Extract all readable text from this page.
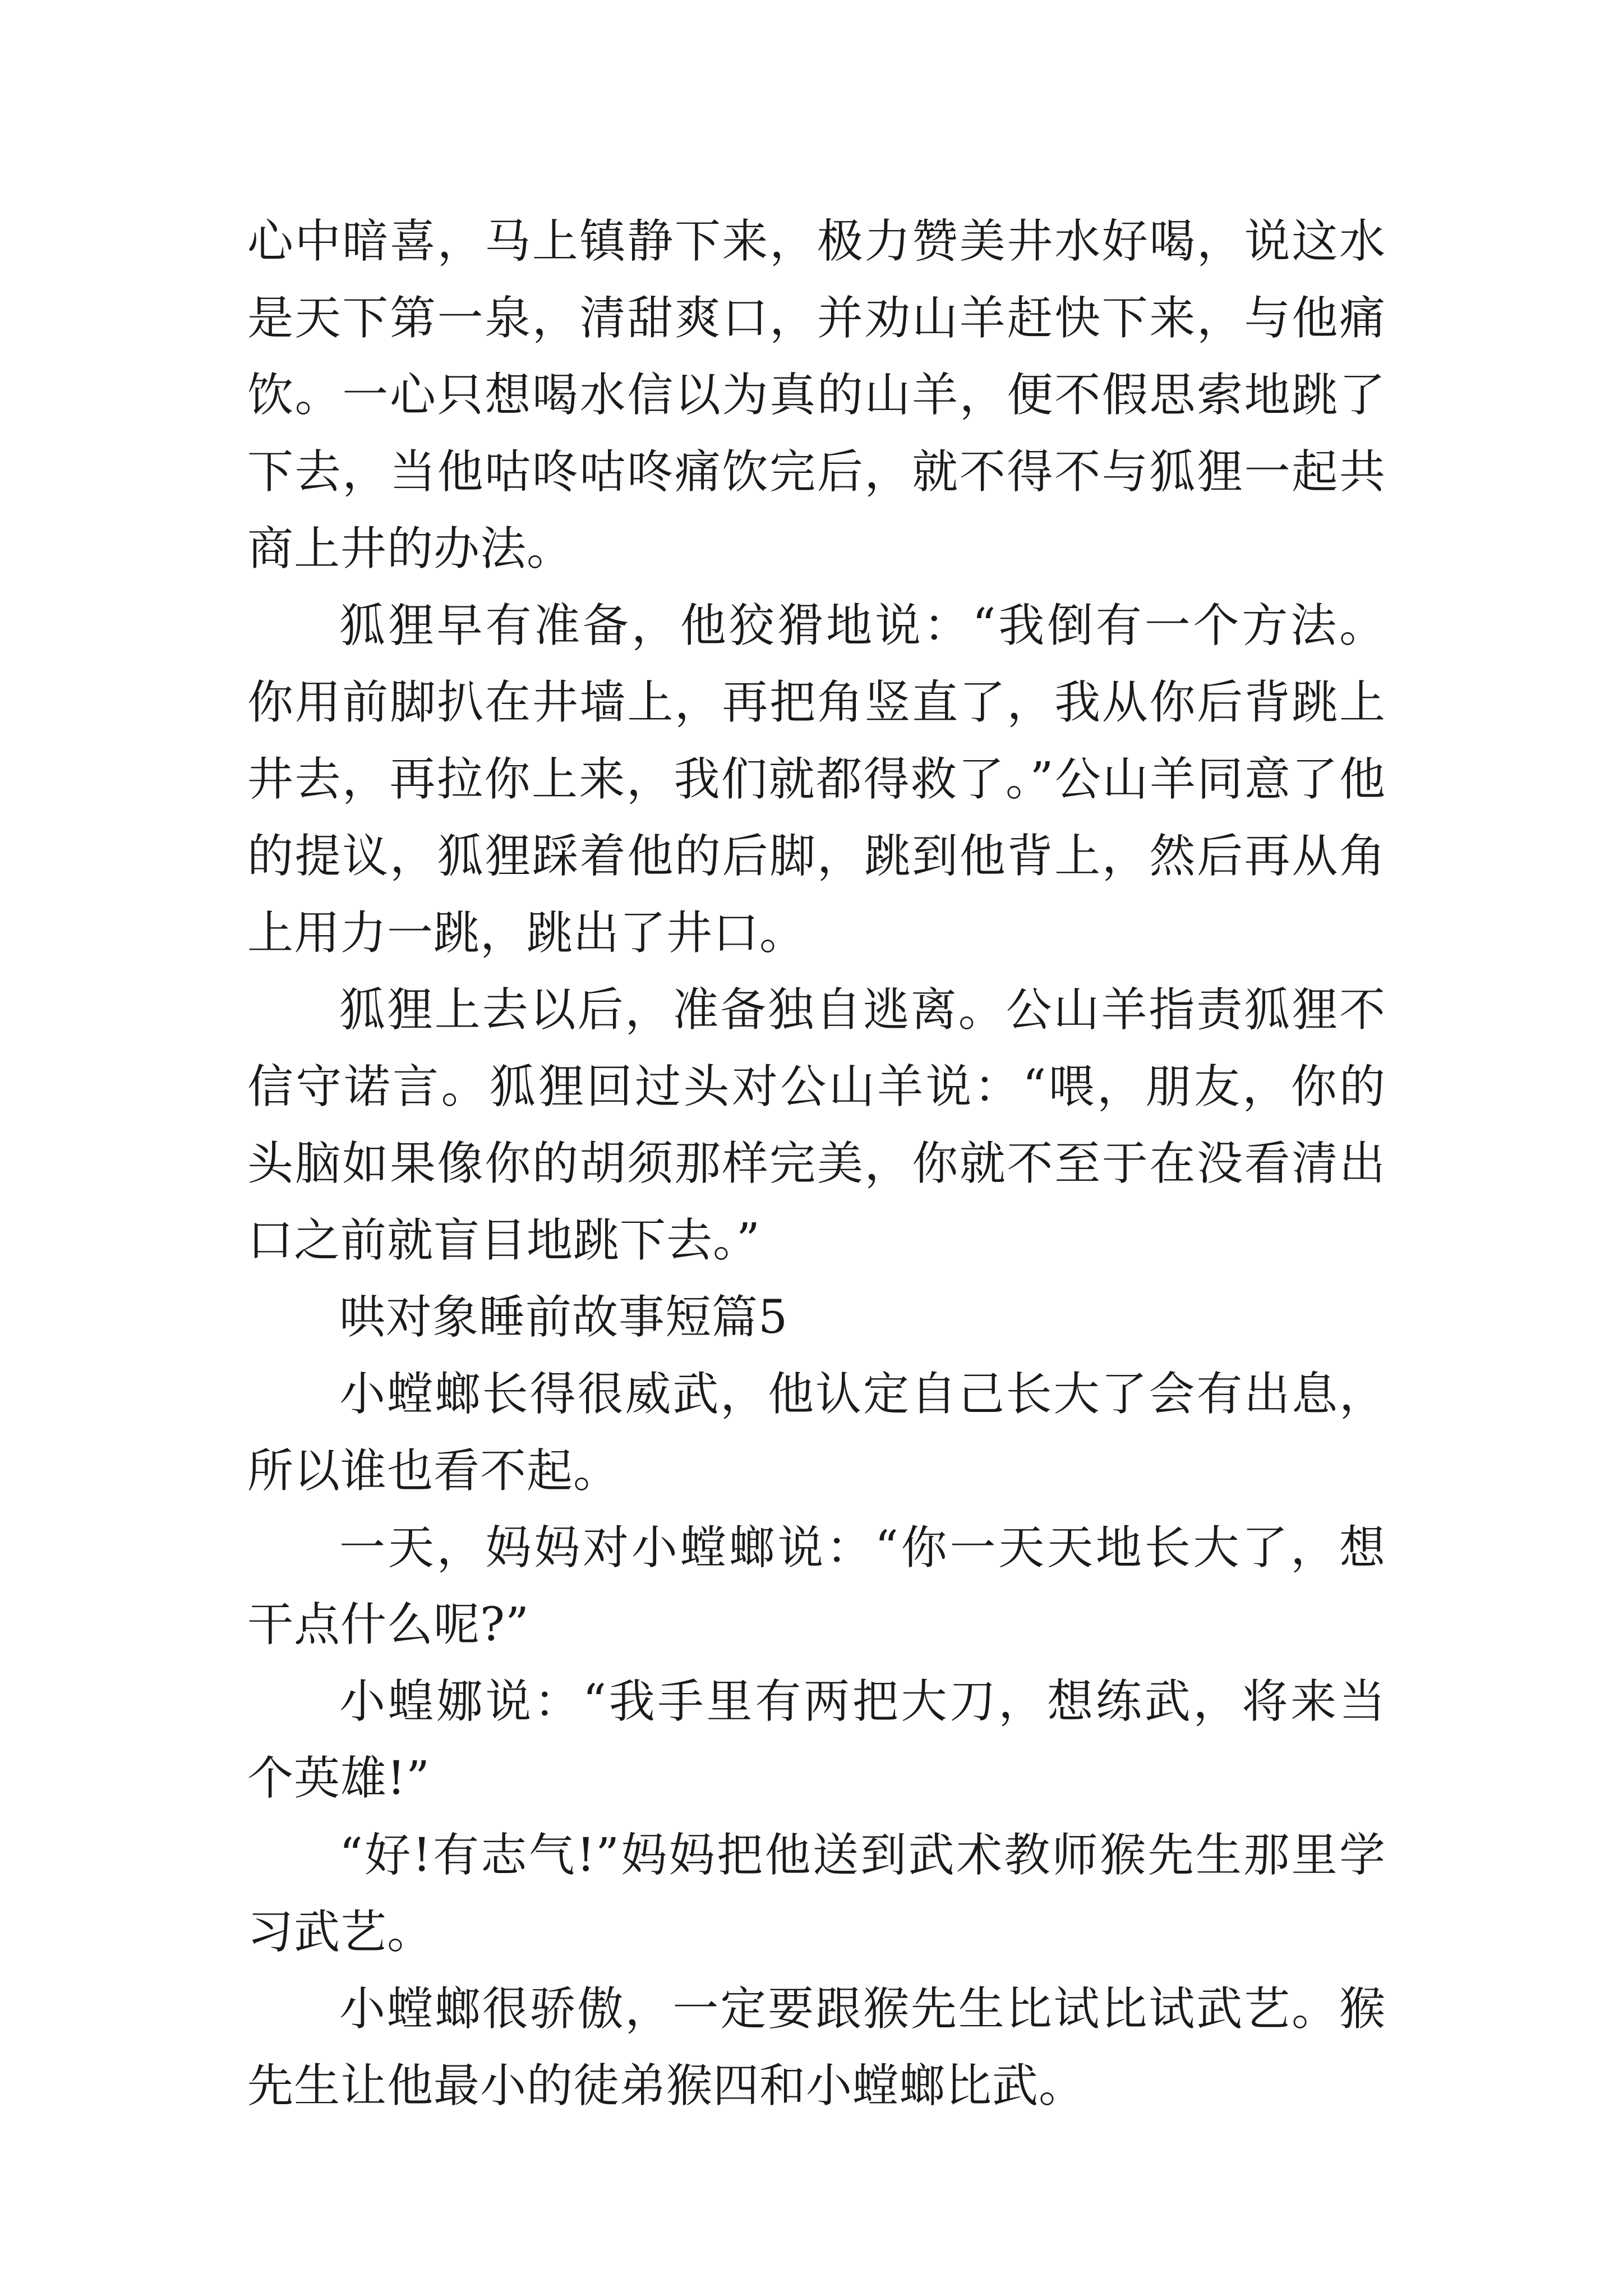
心中暗喜，马上镇静下来，极力赞美井水好喝，说这水是天下第一泉，清甜爽口，并劝山羊赶快下来，与他痛饮。一心只想喝水信以为真的山羊，便不假思索地跳了下去，当他咕咚咕咚痛饮完后，就不得不与狐狸一起共商上井的办法。

狐狸早有准备，他狡猾地说：“我倒有一个方法。你用前脚扒在井墙上，再把角竖直了，我从你后背跳上井去，再拉你上来，我们就都得救了。”公山羊同意了他的提议，狐狸踩着他的后脚，跳到他背上，然后再从角上用力一跳，跳出了井口。

狐狸上去以后，准备独自逃离。公山羊指责狐狸不信守诺言。狐狸回过头对公山羊说：“喂，朋友，你的头脑如果像你的胡须那样完美，你就不至于在没看清出口之前就盲目地跳下去。”

哄对象睡前故事短篇5

小螳螂长得很威武，他认定自己长大了会有出息，所以谁也看不起。

一天，妈妈对小螳螂说：“你一天天地长大了，想干点什么呢?”

小蝗娜说：“我手里有两把大刀，想练武，将来当个英雄!”

“好!有志气!”妈妈把他送到武术教师猴先生那里学习武艺。

小螳螂很骄傲，一定要跟猴先生比试比试武艺。猴先生让他最小的徒弟猴四和小螳螂比武。
